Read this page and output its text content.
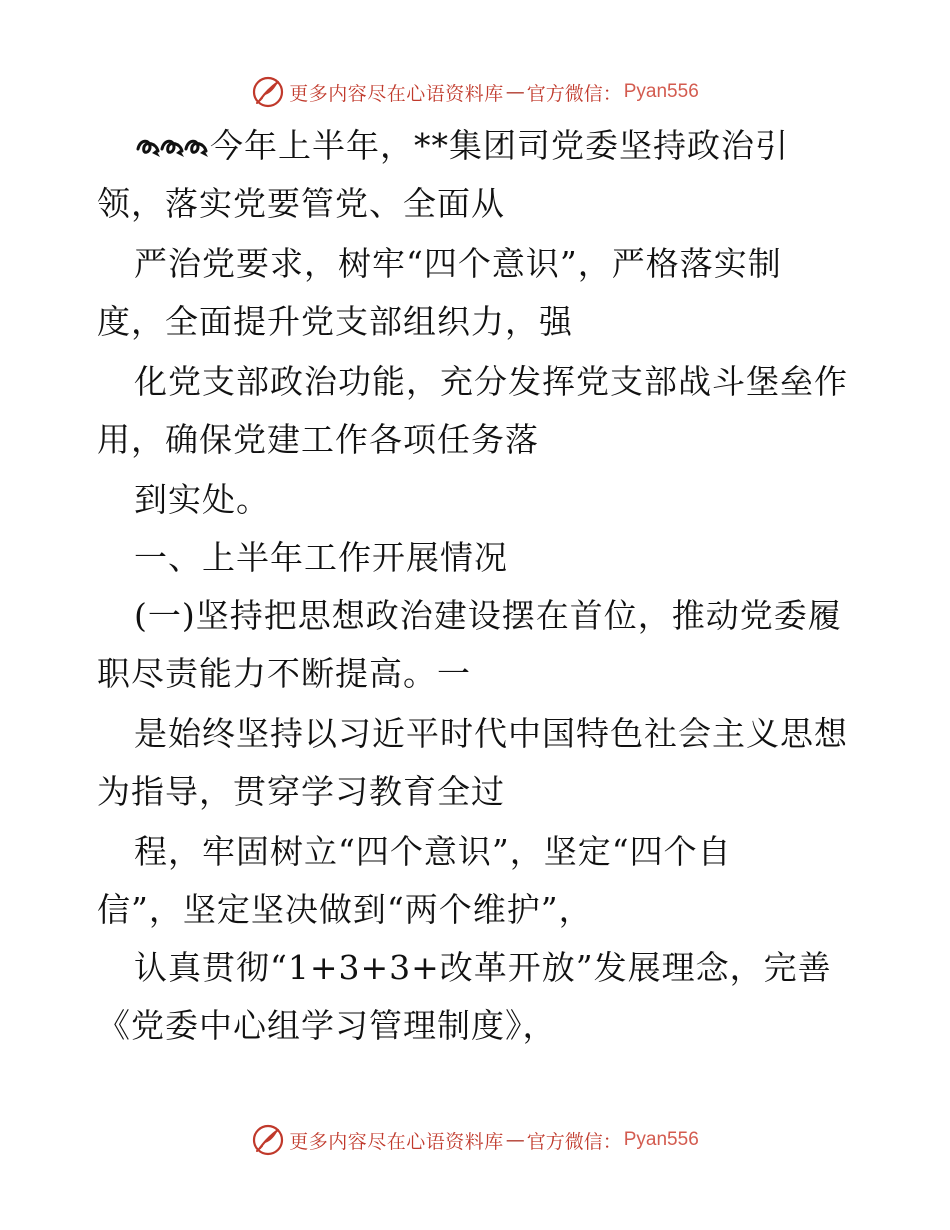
更多内容尽在心语资料库 — 官方微信： Pyan556
今年上半年，**集团司党委坚持政治引
领，落实党要管党、全面从
严治党要求，树牢“四个意识”，严格落实制
度，全面提升党支部组织力，强
化党支部政治功能，充分发挥党支部战斗堡垒作
用，确保党建工作各项任务落
到实处。
一、上半年工作开展情况
(一)坚持把思想政治建设摆在首位，推动党委履
职尽责能力不断提高。一
是始终坚持以习近平时代中国特色社会主义思想
为指导，贯穿学习教育全过
程，牢固树立“四个意识”，坚定“四个自
信”，坚定坚决做到“两个维护”，
认真贯彻“1+3+3+改革开放”发展理念，完善
《党委中心组学习管理制度》，
更多内容尽在心语资料库 — 官方微信： Pyan556
